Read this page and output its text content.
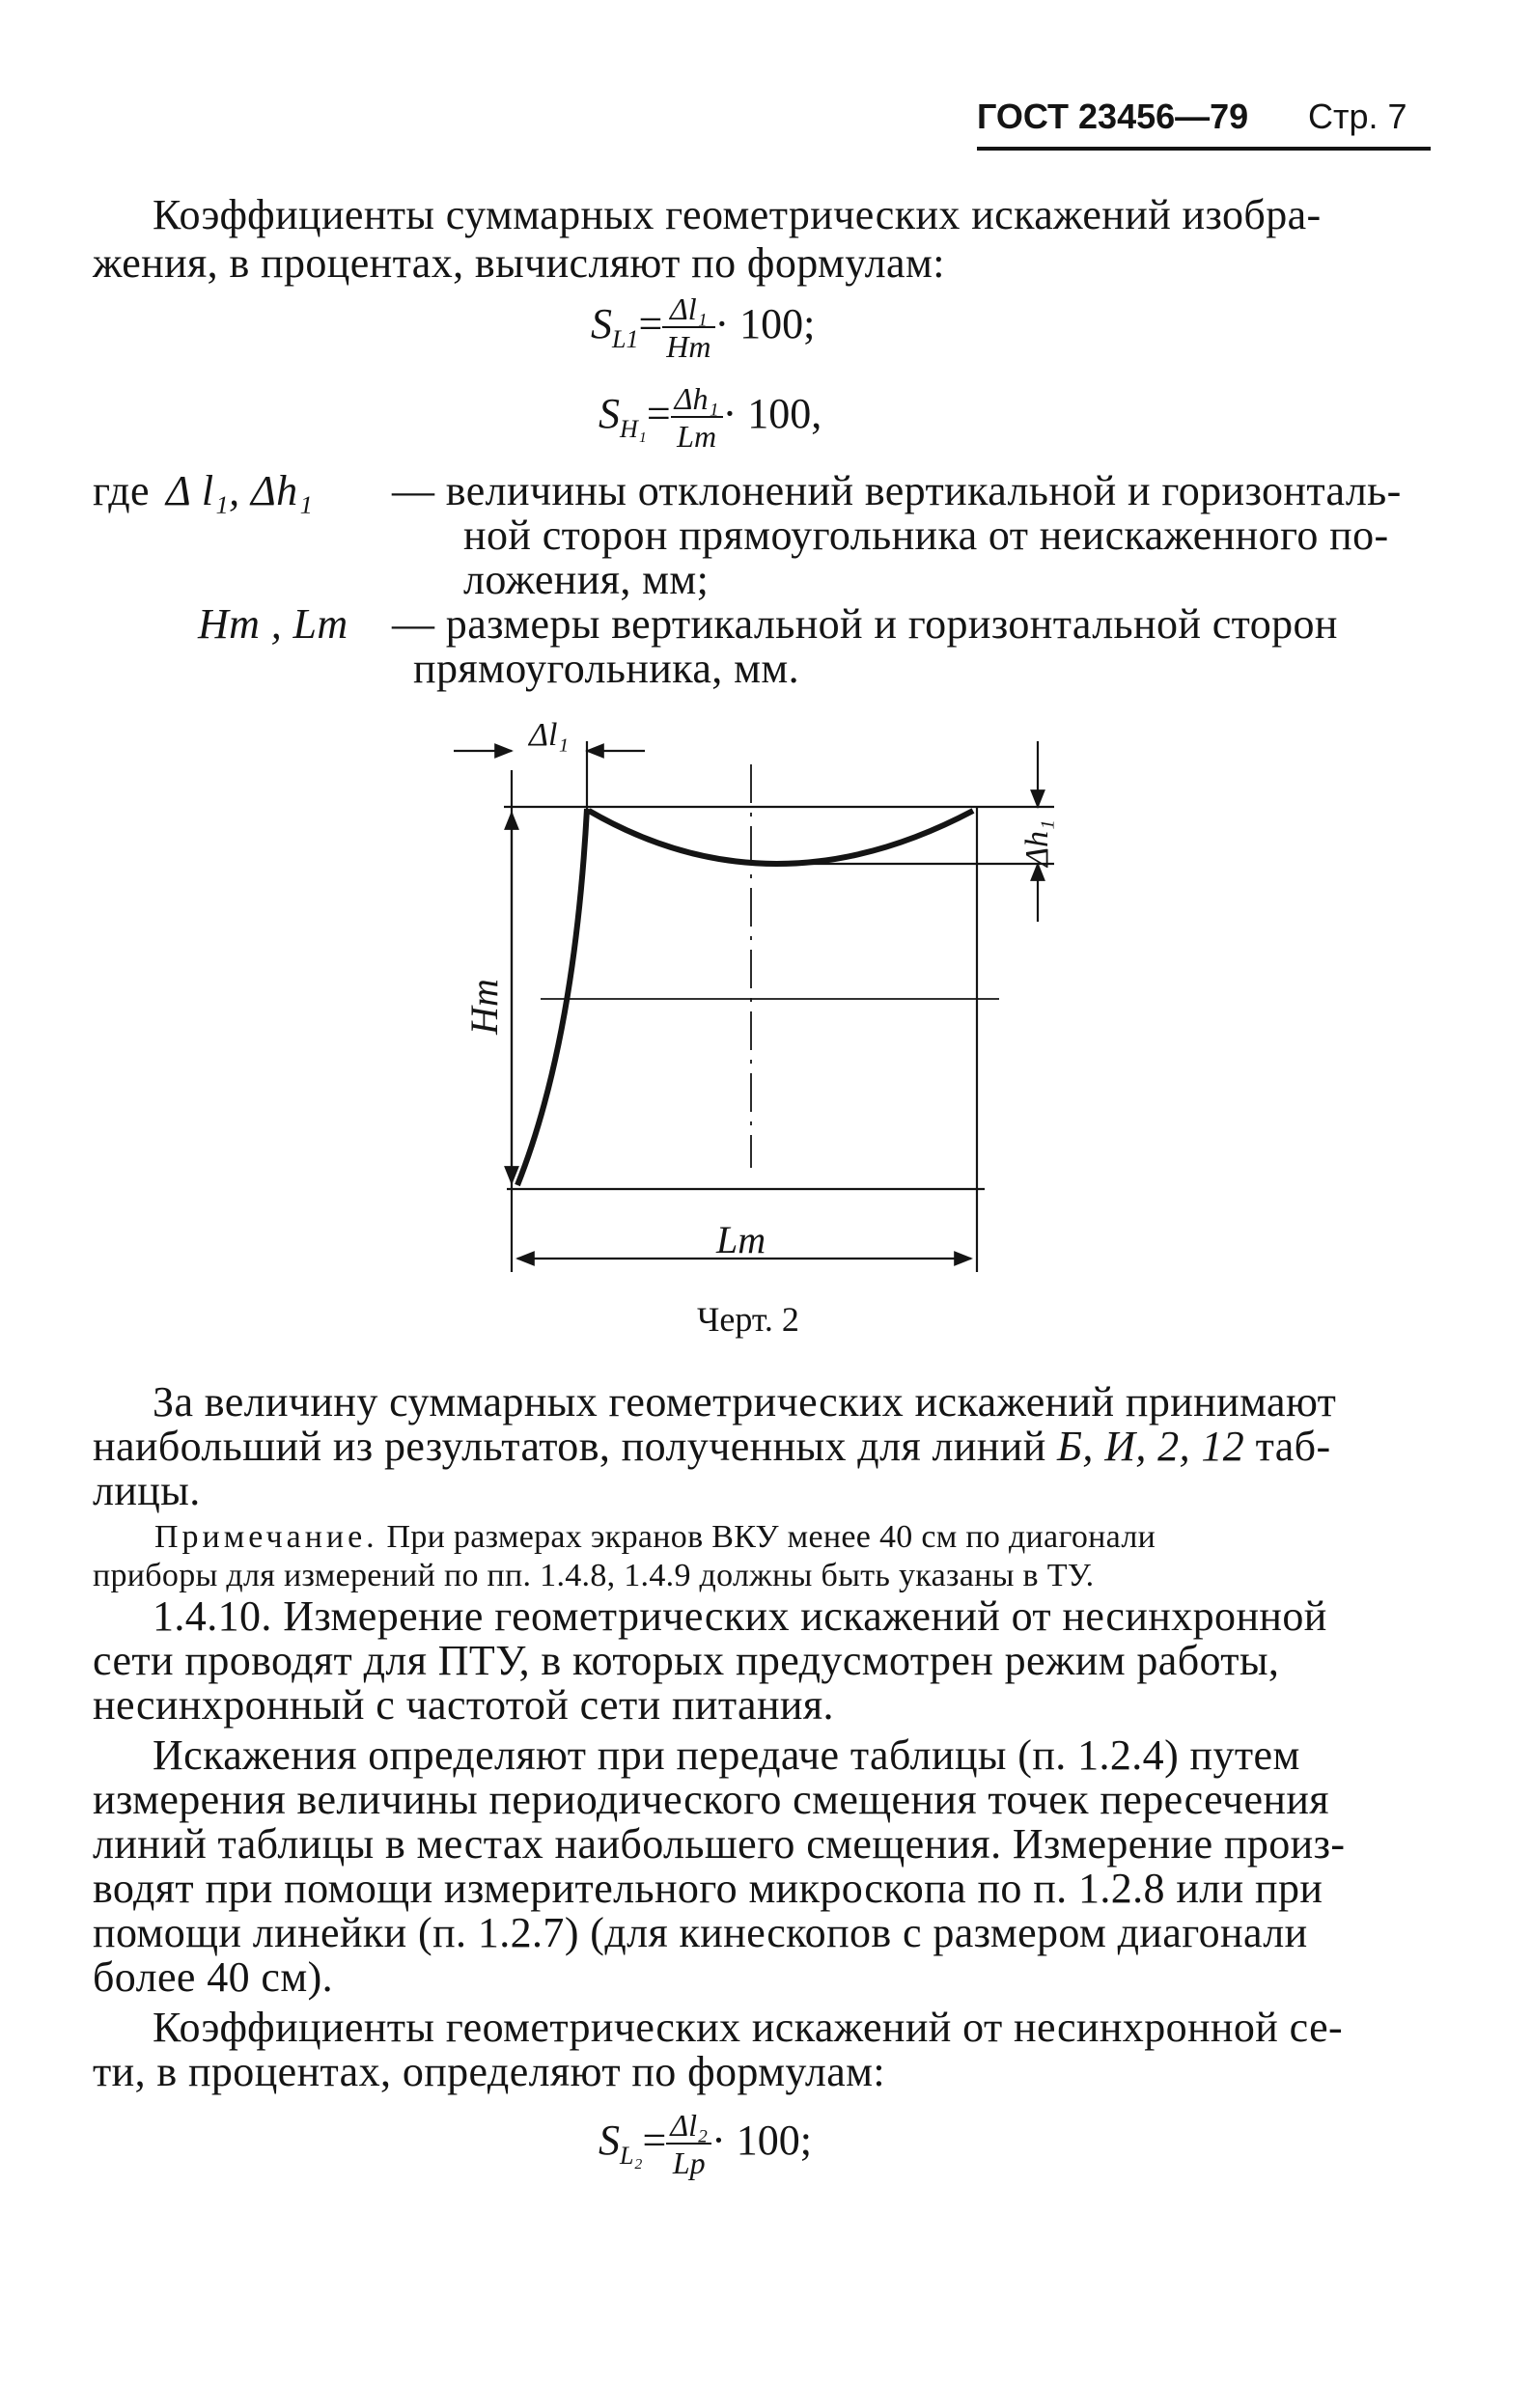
ГОСТ 23456—79 Стр. 7
Коэффициенты суммарных геометрических искажений изобра-
жения, в процентах, вычисляют по формулам:
$S_{L1}= \frac{\text{Δl₁}}{Hт} \cdot 100$;
$S_{H_1}= \frac{\text{Δh₁}}{Lт} \cdot 100$,
где Δ l₁, Δh₁ — величины отклонений вертикальной и горизонталь-
ной сторон прямоугольника от неискаженного по-
ложения, мм;
Hт , Lт — размеры вертикальной и горизонтальной сторон
прямоугольника, мм.
Δl₁
Δh₁
Hт
Lт
Черт. 2
За величину суммарных геометрических искажений принимают
наибольший из результатов, полученных для линий Б, И, 2, 12 таб-
лицы.
Примечание. При размерах экранов ВКУ менее 40 см по диагонали
приборы для измерений по пп. 1.4.8, 1.4.9 должны быть указаны в ТУ.
1.4.10. Измерение геометрических искажений от несинхронной
сети проводят для ПТУ, в которых предусмотрен режим работы,
несинхронный с частотой сети питания.
Искажения определяют при передаче таблицы (п. 1.2.4) путем
измерения величины периодического смещения точек пересечения
линий таблицы в местах наибольшего смещения. Измерение произ-
водят при помощи измерительного микроскопа по п. 1.2.8 или при
помощи линейки (п. 1.2.7) (для кинескопов с размером диагонали
более 40 см).
Коэффициенты геометрических искажений от несинхронной се-
ти, в процентах, определяют по формулам:
$S_{L_2}= \frac{\text{Δl₂}}{Lр} \cdot 100$;
